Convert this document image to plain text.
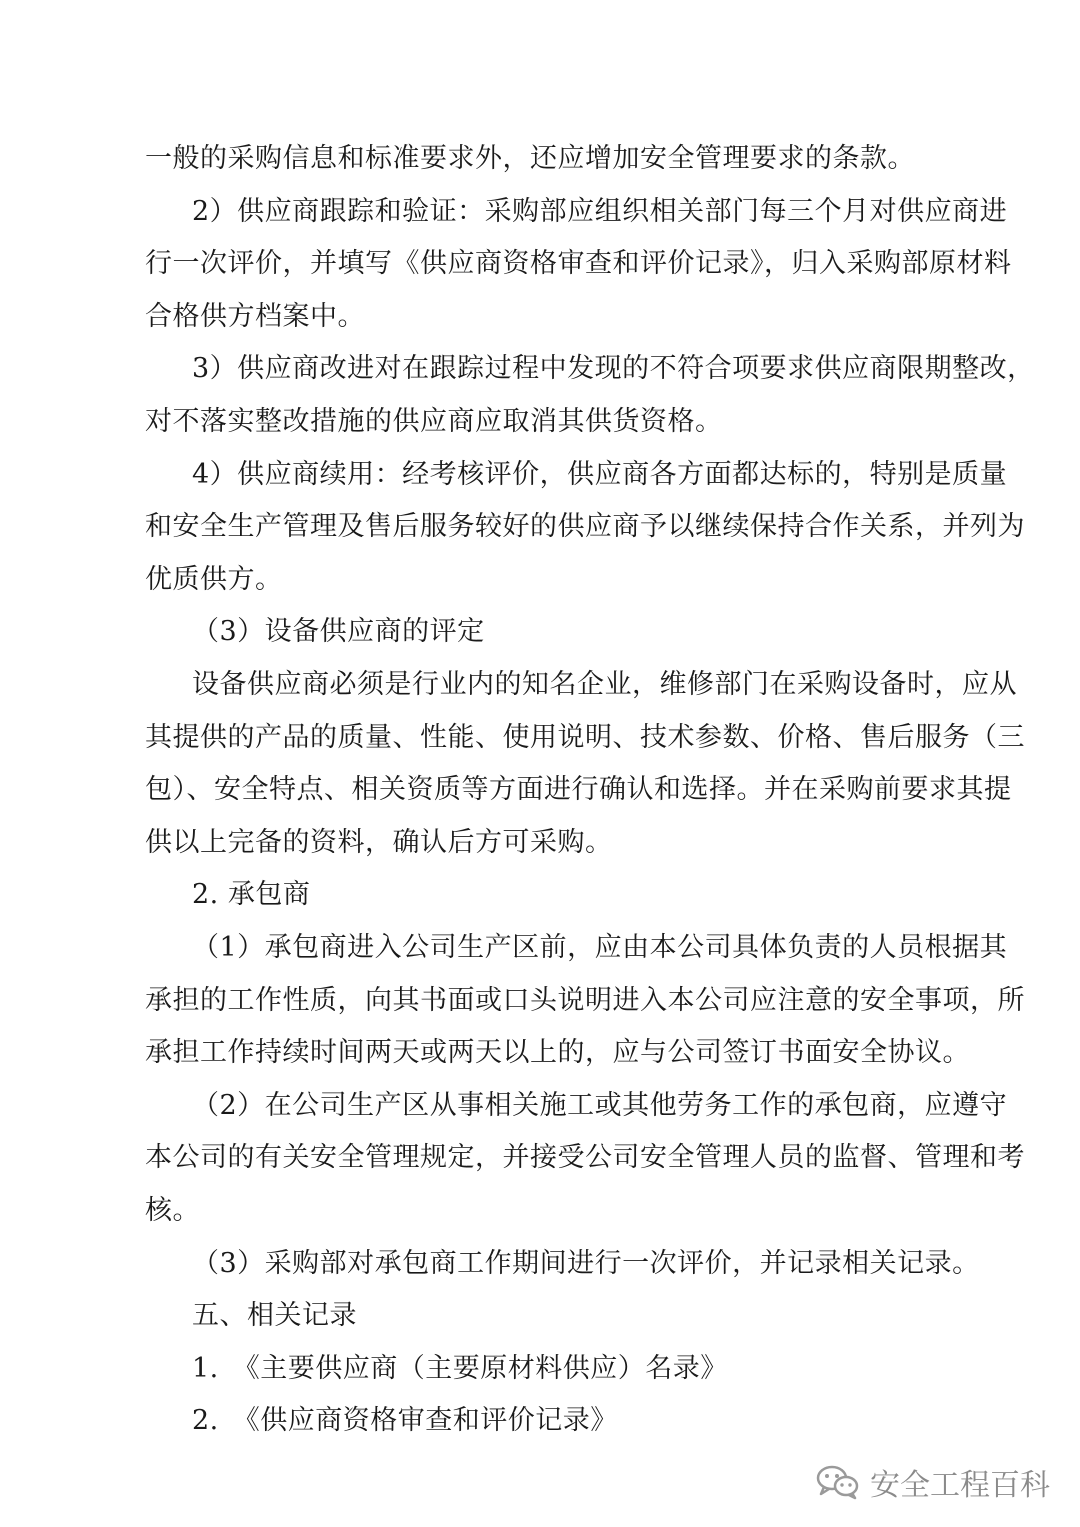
一般的采购信息和标准要求外，还应增加安全管理要求的条款。
2）供应商跟踪和验证：采购部应组织相关部门每三个月对供应商进
行一次评价，并填写《供应商资格审查和评价记录》，归入采购部原材料
合格供方档案中。
3）供应商改进对在跟踪过程中发现的不符合项要求供应商限期整改，
对不落实整改措施的供应商应取消其供货资格。
4）供应商续用：经考核评价，供应商各方面都达标的，特别是质量
和安全生产管理及售后服务较好的供应商予以继续保持合作关系，并列为
优质供方。
（3）设备供应商的评定
设备供应商必须是行业内的知名企业，维修部门在采购设备时，应从
其提供的产品的质量、性能、使用说明、技术参数、价格、售后服务（三
包）、安全特点、相关资质等方面进行确认和选择。并在采购前要求其提
供以上完备的资料，确认后方可采购。
2. 承包商
（1）承包商进入公司生产区前，应由本公司具体负责的人员根据其
承担的工作性质，向其书面或口头说明进入本公司应注意的安全事项，所
承担工作持续时间两天或两天以上的，应与公司签订书面安全协议。
（2）在公司生产区从事相关施工或其他劳务工作的承包商，应遵守
本公司的有关安全管理规定，并接受公司安全管理人员的监督、管理和考
核。
（3）采购部对承包商工作期间进行一次评价，并记录相关记录。
五、相关记录
1.　《主要供应商（主要原材料供应）名录》
2.　《供应商资格审查和评价记录》
安全工程百科
